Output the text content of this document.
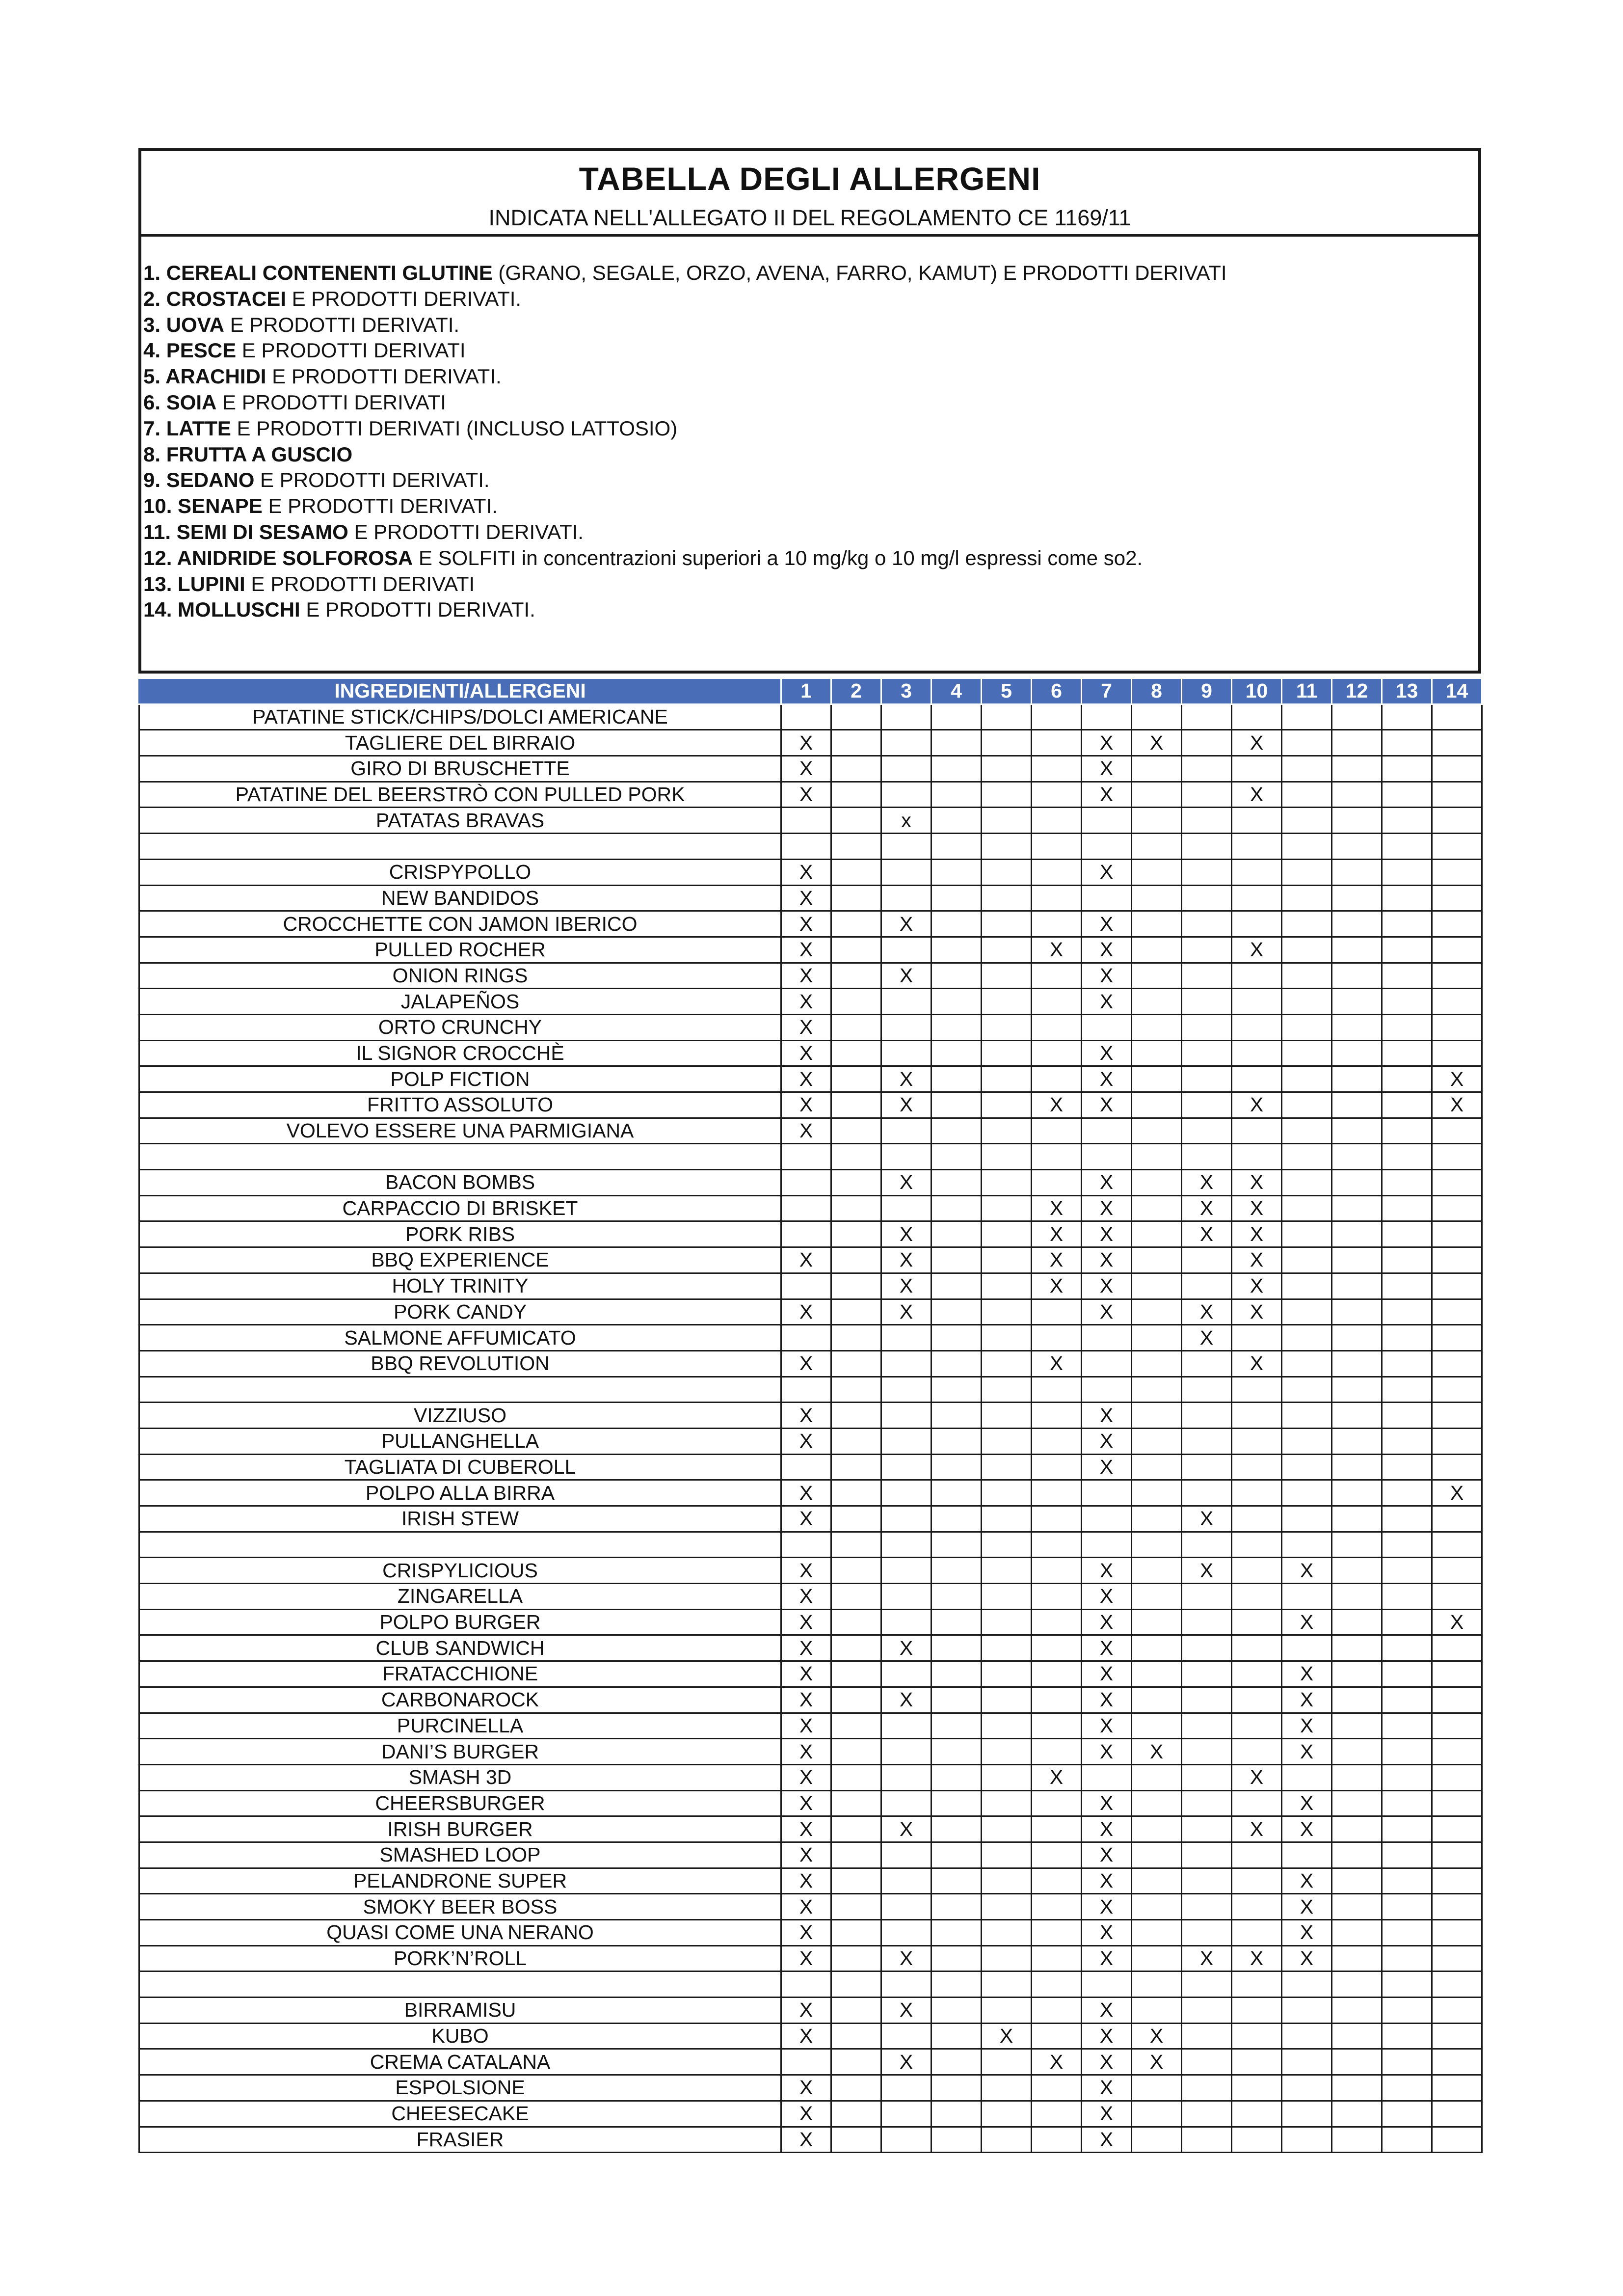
TABELLA DEGLI ALLERGENI
INDICATA NELL'ALLEGATO II DEL REGOLAMENTO CE 1169/11
1. CEREALI CONTENENTI GLUTINE (GRANO, SEGALE, ORZO, AVENA, FARRO, KAMUT) E PRODOTTI DERIVATI
2. CROSTACEI E PRODOTTI DERIVATI.
3. UOVA E PRODOTTI DERIVATI.
4. PESCE E PRODOTTI DERIVATI
5. ARACHIDI E PRODOTTI DERIVATI.
6. SOIA E PRODOTTI DERIVATI
7. LATTE E PRODOTTI DERIVATI (INCLUSO LATTOSIO)
8. FRUTTA A GUSCIO
9. SEDANO E PRODOTTI DERIVATI.
10. SENAPE E PRODOTTI DERIVATI.
11. SEMI DI SESAMO E PRODOTTI DERIVATI.
12. ANIDRIDE SOLFOROSA E SOLFITI in concentrazioni superiori a 10 mg/kg o 10 mg/l espressi come so2.
13. LUPINI E PRODOTTI DERIVATI
14. MOLLUSCHI E PRODOTTI DERIVATI.
INGREDIENTI/ALLERGENI	1	2	3	4	5	6	7	8	9	10	11	12	13	14
PATATINE STICK/CHIPS/DOLCI AMERICANE														
TAGLIERE DEL BIRRAIO	X						X	X		X				
GIRO DI BRUSCHETTE	X						X							
PATATINE DEL BEERSTRÒ CON PULLED PORK	X						X			X				
PATATAS BRAVAS			x											

CRISPYPOLLO	X						X							
NEW BANDIDOS	X													
CROCCHETTE CON JAMON IBERICO	X		X				X							
PULLED ROCHER	X					X	X			X				
ONION RINGS	X		X				X							
JALAPEÑOS	X						X							
ORTO CRUNCHY	X													
IL SIGNOR CROCCHÈ	X						X							
POLP FICTION	X		X				X							X
FRITTO ASSOLUTO	X		X			X	X			X				X
VOLEVO ESSERE UNA PARMIGIANA	X													

BACON BOMBS			X				X		X	X				
CARPACCIO DI BRISKET						X	X		X	X				
PORK RIBS			X			X	X		X	X				
BBQ EXPERIENCE	X		X			X	X			X				
HOLY TRINITY			X			X	X			X				
PORK CANDY	X		X				X		X	X				
SALMONE AFFUMICATO									X					
BBQ REVOLUTION	X					X				X				

VIZZIUSO	X						X							
PULLANGHELLA	X						X							
TAGLIATA DI CUBEROLL							X							
POLPO ALLA BIRRA	X													X
IRISH STEW	X								X					

CRISPYLICIOUS	X						X		X		X			
ZINGARELLA	X						X							
POLPO BURGER	X						X				X			X
CLUB SANDWICH	X		X				X							
FRATACCHIONE	X						X				X			
CARBONAROCK	X		X				X				X			
PURCINELLA	X						X				X			
DANI’S BURGER	X						X	X			X			
SMASH 3D	X					X				X				
CHEERSBURGER	X						X				X			
IRISH BURGER	X		X				X			X	X			
SMASHED LOOP	X						X							
PELANDRONE SUPER	X						X				X			
SMOKY BEER BOSS	X						X				X			
QUASI COME UNA NERANO	X						X				X			
PORK’N’ROLL	X		X				X		X	X	X			

BIRRAMISU	X		X				X							
KUBO	X				X		X	X						
CREMA CATALANA			X			X	X	X						
ESPOLSIONE	X						X							
CHEESECAKE	X						X							
FRASIER	X						X							
